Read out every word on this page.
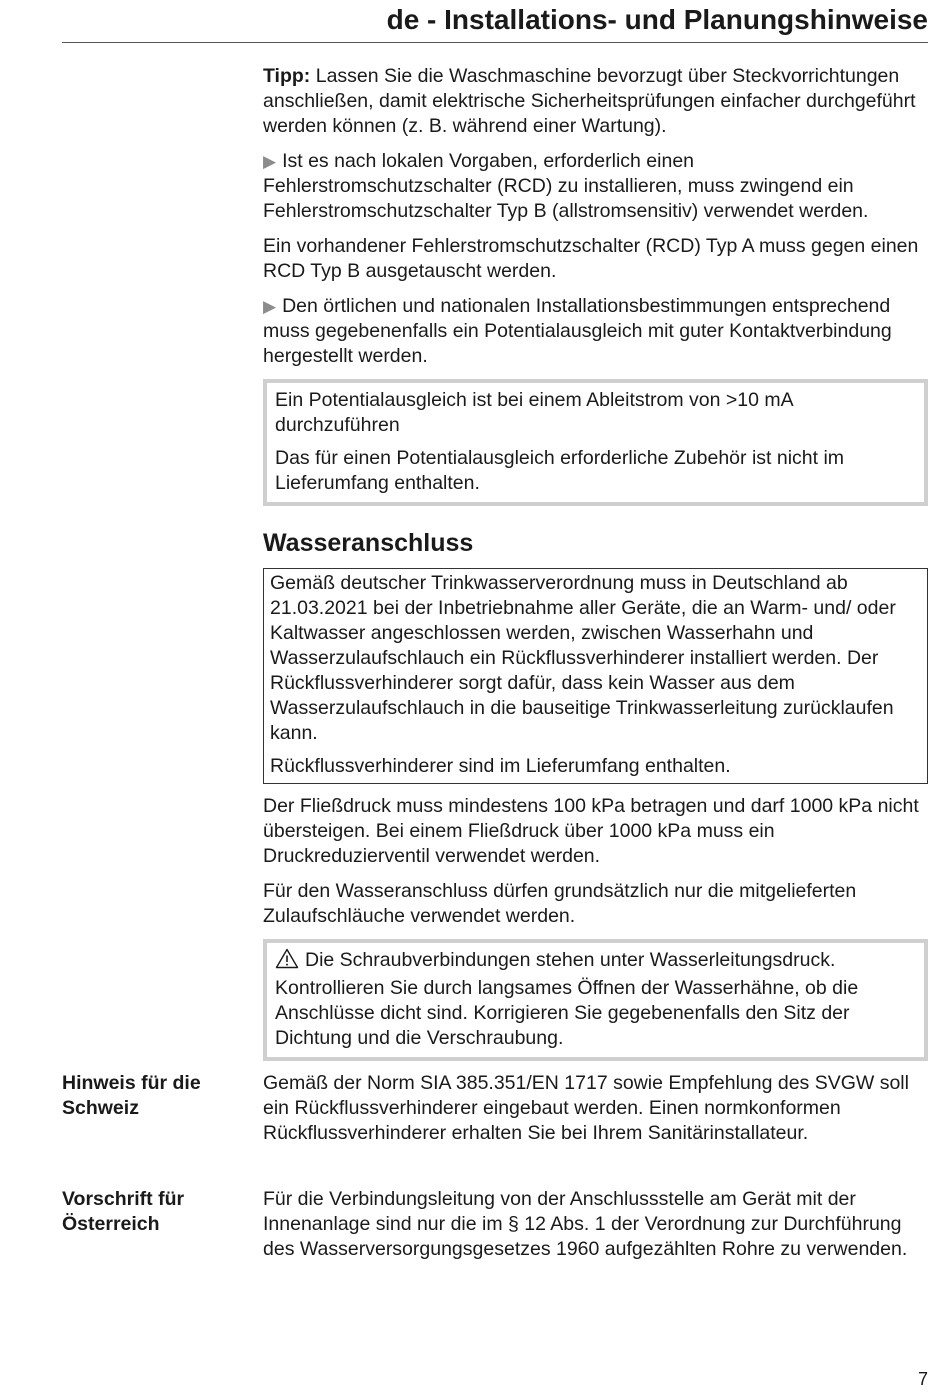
de - Installations- und Planungshinweise

Tipp: Lassen Sie die Waschmaschine bevorzugt über Steckvorrichtungen anschließen, damit elektrische Sicherheitsprüfungen einfacher durchgeführt werden können (z. B. während einer Wartung).

▶ Ist es nach lokalen Vorgaben, erforderlich einen Fehlerstromschutzschalter (RCD) zu installieren, muss zwingend ein Fehlerstromschutzschalter Typ B (allstromsensitiv) verwendet werden.

Ein vorhandener Fehlerstromschutzschalter (RCD) Typ A muss gegen einen RCD Typ B ausgetauscht werden.

▶ Den örtlichen und nationalen Installationsbestimmungen entsprechend muss gegebenenfalls ein Potentialausgleich mit guter Kontaktverbindung hergestellt werden.

Ein Potentialausgleich ist bei einem Ableitstrom von >10 mA durchzuführen

Das für einen Potentialausgleich erforderliche Zubehör ist nicht im Lieferumfang enthalten.

Wasseranschluss

Gemäß deutscher Trinkwasserverordnung muss in Deutschland ab 21.03.2021 bei der Inbetriebnahme aller Geräte, die an Warm- und/ oder Kaltwasser angeschlossen werden, zwischen Wasserhahn und Wasserzulaufschlauch ein Rückflussverhinderer installiert werden. Der Rückflussverhinderer sorgt dafür, dass kein Wasser aus dem Wasserzulaufschlauch in die bauseitige Trinkwasserleitung zurücklaufen kann.

Rückflussverhinderer sind im Lieferumfang enthalten.

Der Fließdruck muss mindestens 100 kPa betragen und darf 1000 kPa nicht übersteigen. Bei einem Fließdruck über 1000 kPa muss ein Druckreduzierventil verwendet werden.

Für den Wasseranschluss dürfen grundsätzlich nur die mitgelieferten Zulaufschläuche verwendet werden.

Die Schraubverbindungen stehen unter Wasserleitungsdruck. Kontrollieren Sie durch langsames Öffnen der Wasserhähne, ob die Anschlüsse dicht sind. Korrigieren Sie gegebenenfalls den Sitz der Dichtung und die Verschraubung.

Hinweis für die Schweiz
Gemäß der Norm SIA 385.351/EN 1717 sowie Empfehlung des SVGW soll ein Rückflussverhinderer eingebaut werden. Einen normkonformen Rückflussverhinderer erhalten Sie bei Ihrem Sanitärinstallateur.
Vorschrift für Österreich
Für die Verbindungsleitung von der Anschlussstelle am Gerät mit der Innenanlage sind nur die im § 12 Abs. 1 der Verordnung zur Durchführung des Wasserversorgungsgesetzes 1960 aufgezählten Rohre zu verwenden.
7
